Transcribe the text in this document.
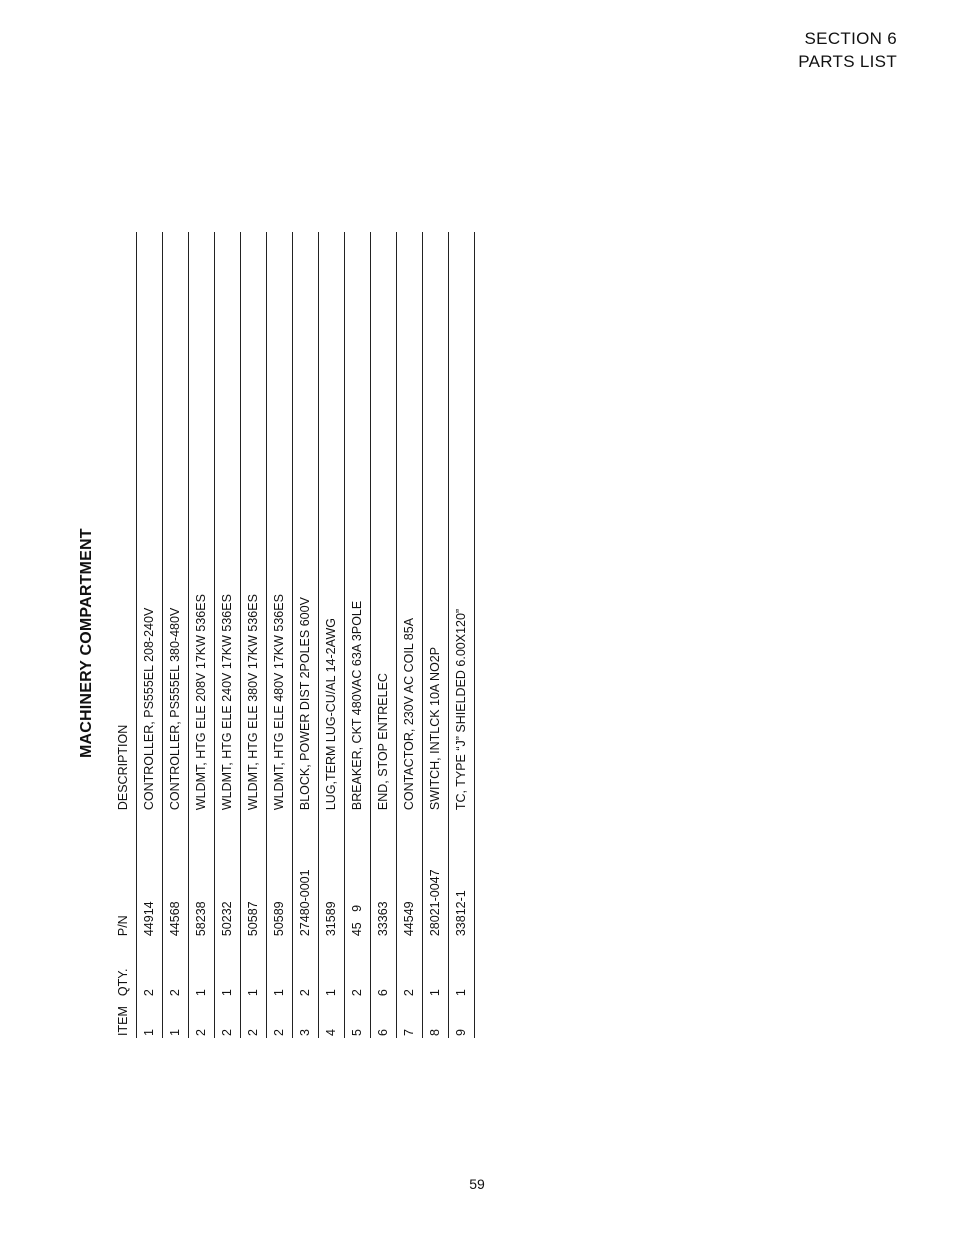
SECTION 6
PARTS LIST
MACHINERY COMPARTMENT
ITEM	QTY.	P/N	DESCRIPTION
1	2	44914	CONTROLLER, PS555EL 208-240V
1	2	44568	CONTROLLER, PS555EL 380-480V
2	1	58238	WLDMT, HTG ELE 208V 17KW 536ES
2	1	50232	WLDMT, HTG ELE 240V 17KW 536ES
2	1	50587	WLDMT, HTG ELE 380V 17KW 536ES
2	1	50589	WLDMT, HTG ELE 480V 17KW 536ES
3	2	27480-0001	BLOCK, POWER DIST 2POLES 600V
4	1	31589	LUG,TERM LUG-CU/AL 14-2AWG
5	2	45   9	BREAKER, CKT 480VAC 63A 3POLE
6	6	33363	END, STOP ENTRELEC
7	2	44549	CONTACTOR, 230V AC COIL 85A
8	1	28021-0047	SWITCH, INTLCK 10A NO2P
9	1	33812-1	TC, TYPE “J” SHIELDED 6.00X120”
59
